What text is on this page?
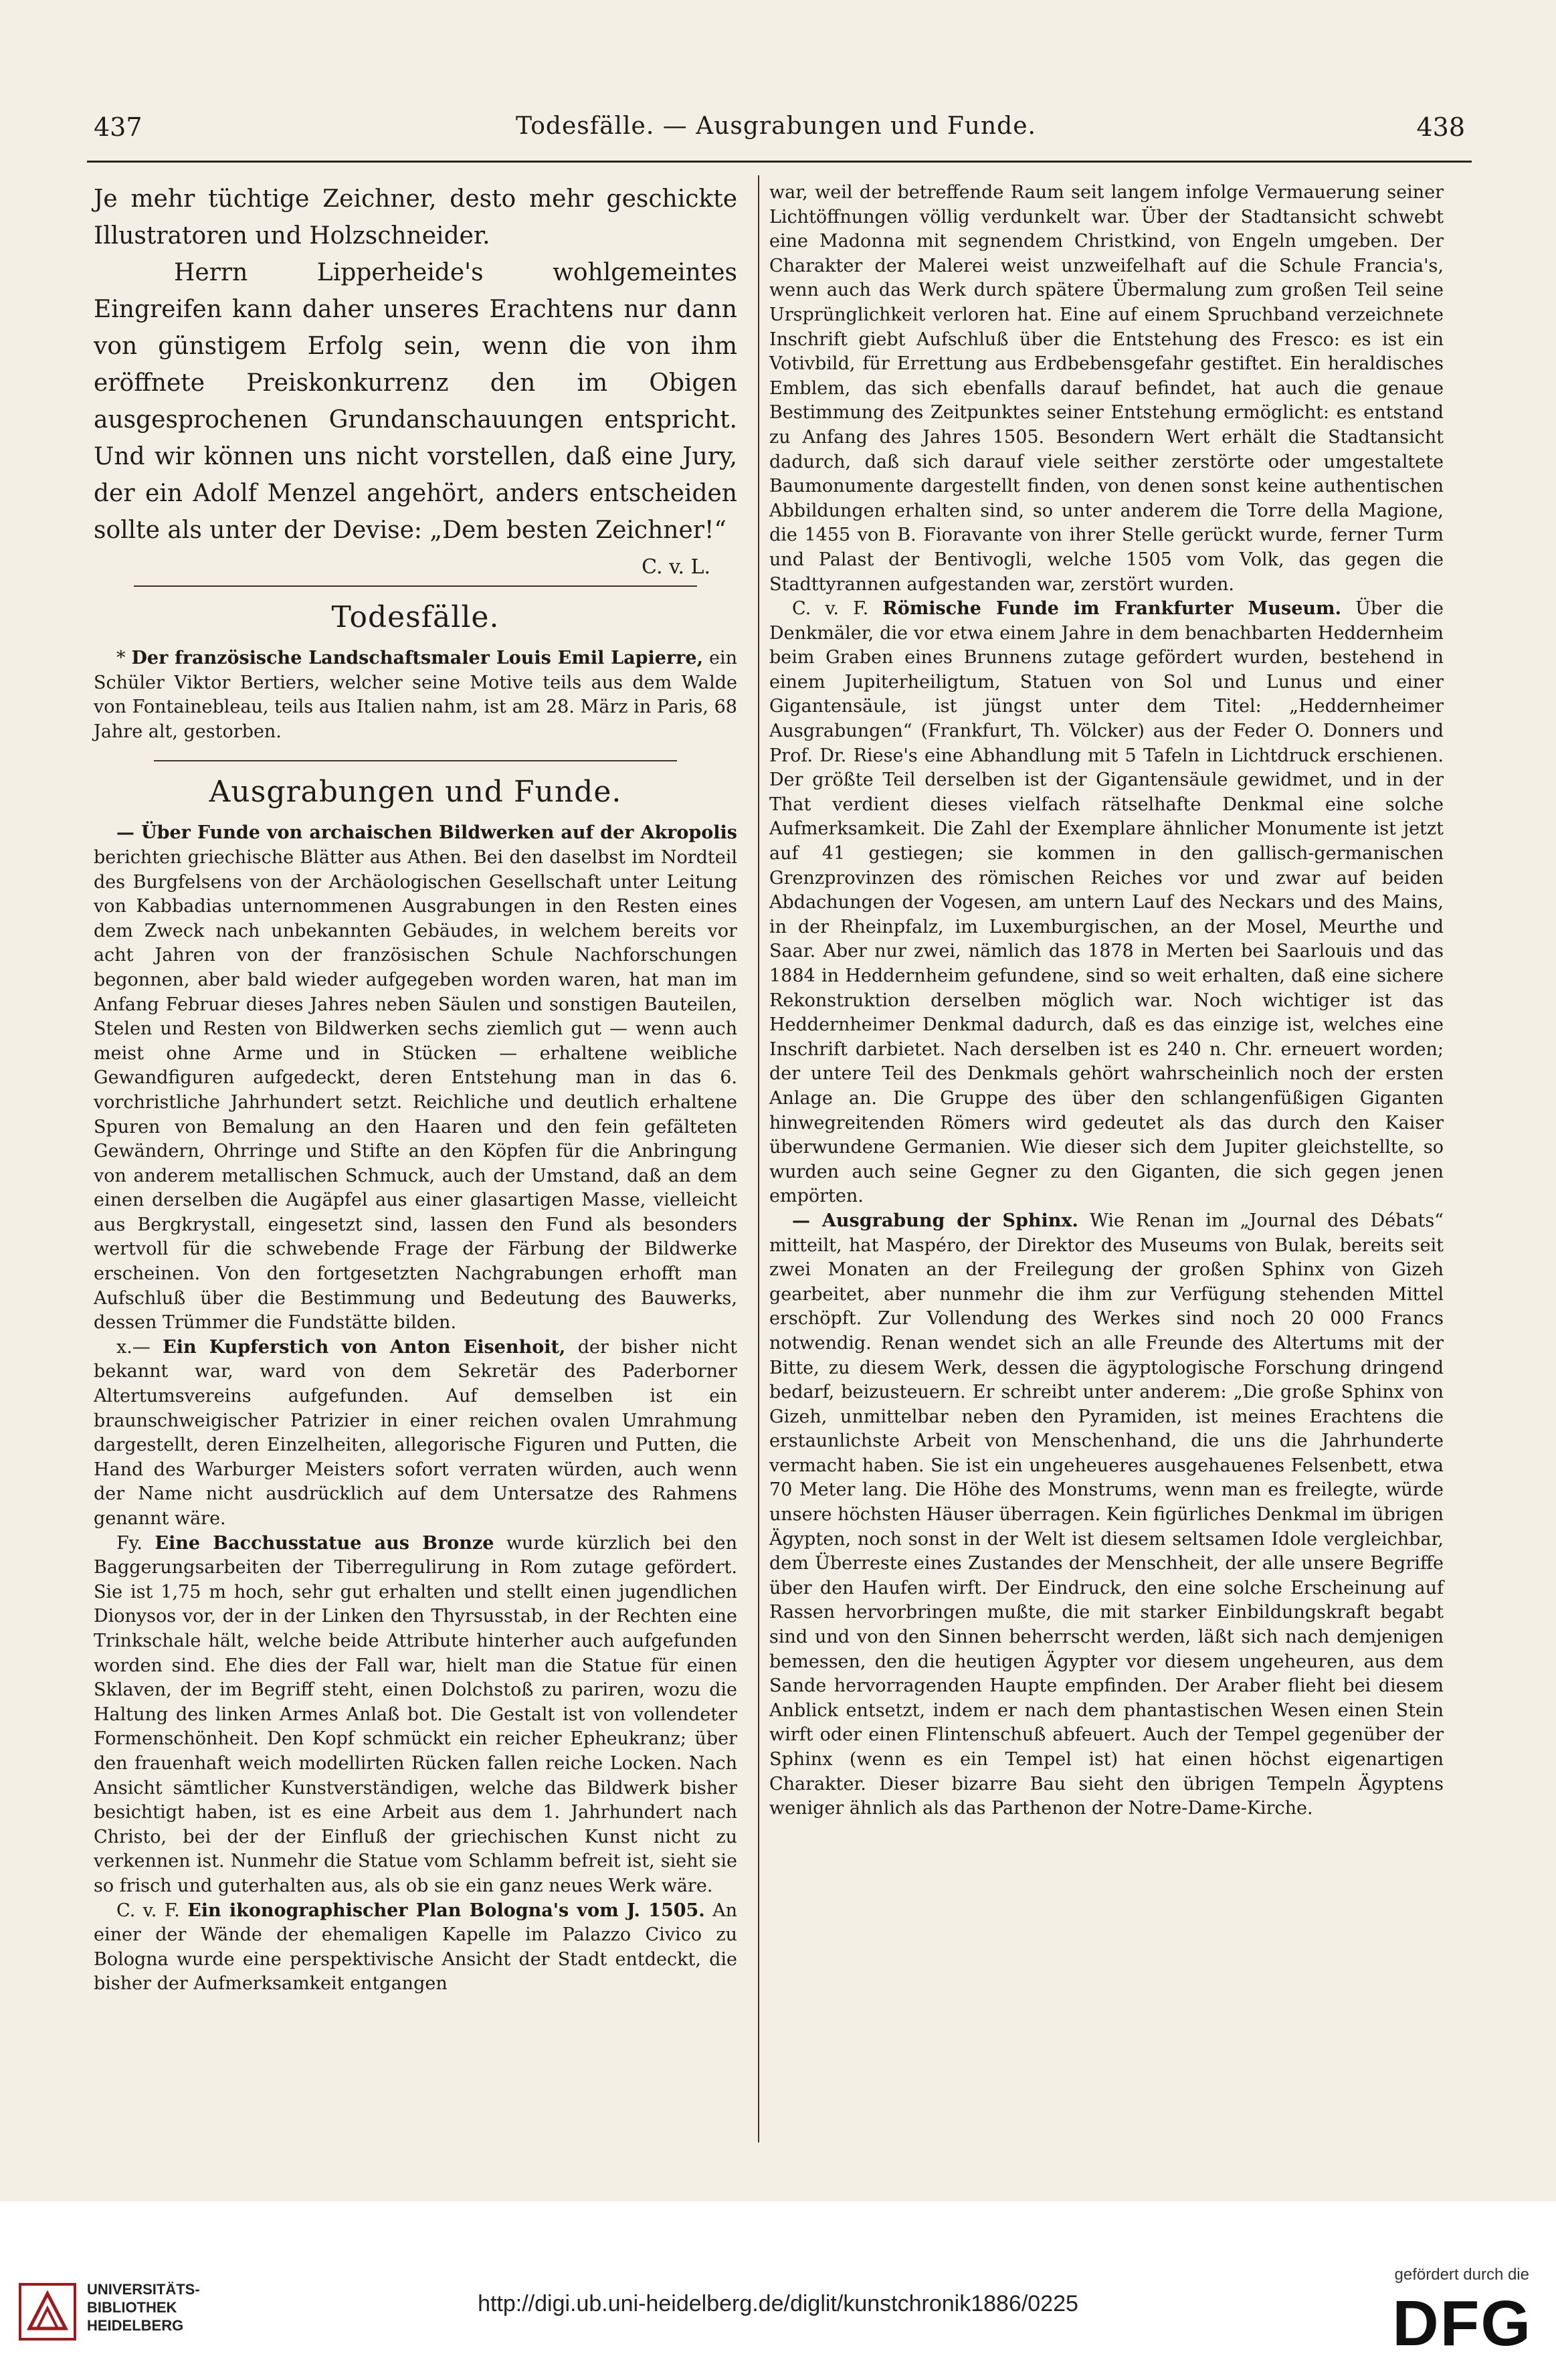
437	Todesfälle. — Ausgrabungen und Funde.	438

Je mehr tüchtige Zeichner, desto mehr geschickte Illustratoren und Holzschneider.

Herrn Lipperheide's wohlgemeintes Eingreifen kann daher unseres Erachtens nur dann von günstigem Erfolg sein, wenn die von ihm eröffnete Preiskonkurrenz den im Obigen ausgesprochenen Grundanschauungen entspricht. Und wir können uns nicht vorstellen, daß eine Jury, der ein Adolf Menzel angehört, anders entscheiden sollte als unter der Devise: „Dem besten Zeichner!“
C. v. L.

Todesfälle.

* Der französische Landschaftsmaler Louis Emil Lapierre, ein Schüler Viktor Bertiers, welcher seine Motive teils aus dem Walde von Fontainebleau, teils aus Italien nahm, ist am 28. März in Paris, 68 Jahre alt, gestorben.

Ausgrabungen und Funde.

— Über Funde von archaischen Bildwerken auf der Akropolis berichten griechische Blätter aus Athen. Bei den daselbst im Nordteil des Burgfelsens von der Archäologischen Gesellschaft unter Leitung von Kabbadias unternommenen Ausgrabungen in den Resten eines dem Zweck nach unbekannten Gebäudes, in welchem bereits vor acht Jahren von der französischen Schule Nachforschungen begonnen, aber bald wieder aufgegeben worden waren, hat man im Anfang Februar dieses Jahres neben Säulen und sonstigen Bauteilen, Stelen und Resten von Bildwerken sechs ziemlich gut — wenn auch meist ohne Arme und in Stücken — erhaltene weibliche Gewandfiguren aufgedeckt, deren Entstehung man in das 6. vorchristliche Jahrhundert setzt. Reichliche und deutlich erhaltene Spuren von Bemalung an den Haaren und den fein gefälteten Gewändern, Ohrringe und Stifte an den Köpfen für die Anbringung von anderem metallischen Schmuck, auch der Umstand, daß an dem einen derselben die Augäpfel aus einer glasartigen Masse, vielleicht aus Bergkrystall, eingesetzt sind, lassen den Fund als besonders wertvoll für die schwebende Frage der Färbung der Bildwerke erscheinen. Von den fortgesetzten Nachgrabungen erhofft man Aufschluß über die Bestimmung und Bedeutung des Bauwerks, dessen Trümmer die Fundstätte bilden.

x.— Ein Kupferstich von Anton Eisenhoit, der bisher nicht bekannt war, ward von dem Sekretär des Paderborner Altertumsvereins aufgefunden. Auf demselben ist ein braunschweigischer Patrizier in einer reichen ovalen Umrahmung dargestellt, deren Einzelheiten, allegorische Figuren und Putten, die Hand des Warburger Meisters sofort verraten würden, auch wenn der Name nicht ausdrücklich auf dem Untersatze des Rahmens genannt wäre.

Fy. Eine Bacchusstatue aus Bronze wurde kürzlich bei den Baggerungsarbeiten der Tiberregulirung in Rom zutage gefördert. Sie ist 1,75 m hoch, sehr gut erhalten und stellt einen jugendlichen Dionysos vor, der in der Linken den Thyrsusstab, in der Rechten eine Trinkschale hält, welche beide Attribute hinterher auch aufgefunden worden sind. Ehe dies der Fall war, hielt man die Statue für einen Sklaven, der im Begriff steht, einen Dolchstoß zu pariren, wozu die Haltung des linken Armes Anlaß bot. Die Gestalt ist von vollendeter Formenschönheit. Den Kopf schmückt ein reicher Epheukranz; über den frauenhaft weich modellirten Rücken fallen reiche Locken. Nach Ansicht sämtlicher Kunstverständigen, welche das Bildwerk bisher besichtigt haben, ist es eine Arbeit aus dem 1. Jahrhundert nach Christo, bei der der Einfluß der griechischen Kunst nicht zu verkennen ist. Nunmehr die Statue vom Schlamm befreit ist, sieht sie so frisch und guterhalten aus, als ob sie ein ganz neues Werk wäre.

C. v. F. Ein ikonographischer Plan Bologna's vom J. 1505. An einer der Wände der ehemaligen Kapelle im Palazzo Civico zu Bologna wurde eine perspektivische Ansicht der Stadt entdeckt, die bisher der Aufmerksamkeit entgangen

war, weil der betreffende Raum seit langem infolge Vermauerung seiner Lichtöffnungen völlig verdunkelt war. Über der Stadtansicht schwebt eine Madonna mit segnendem Christkind, von Engeln umgeben. Der Charakter der Malerei weist unzweifelhaft auf die Schule Francia's, wenn auch das Werk durch spätere Übermalung zum großen Teil seine Ursprünglichkeit verloren hat. Eine auf einem Spruchband verzeichnete Inschrift giebt Aufschluß über die Entstehung des Fresco: es ist ein Votivbild, für Errettung aus Erdbebensgefahr gestiftet. Ein heraldisches Emblem, das sich ebenfalls darauf befindet, hat auch die genaue Bestimmung des Zeitpunktes seiner Entstehung ermöglicht: es entstand zu Anfang des Jahres 1505. Besondern Wert erhält die Stadtansicht dadurch, daß sich darauf viele seither zerstörte oder umgestaltete Baumonumente dargestellt finden, von denen sonst keine authentischen Abbildungen erhalten sind, so unter anderem die Torre della Magione, die 1455 von B. Fioravante von ihrer Stelle gerückt wurde, ferner Turm und Palast der Bentivogli, welche 1505 vom Volk, das gegen die Stadttyrannen aufgestanden war, zerstört wurden.

C. v. F. Römische Funde im Frankfurter Museum. Über die Denkmäler, die vor etwa einem Jahre in dem benachbarten Heddernheim beim Graben eines Brunnens zutage gefördert wurden, bestehend in einem Jupiterheiligtum, Statuen von Sol und Lunus und einer Gigantensäule, ist jüngst unter dem Titel: „Heddernheimer Ausgrabungen“ (Frankfurt, Th. Völcker) aus der Feder O. Donners und Prof. Dr. Riese's eine Abhandlung mit 5 Tafeln in Lichtdruck erschienen. Der größte Teil derselben ist der Gigantensäule gewidmet, und in der That verdient dieses vielfach rätselhafte Denkmal eine solche Aufmerksamkeit. Die Zahl der Exemplare ähnlicher Monumente ist jetzt auf 41 gestiegen; sie kommen in den gallisch-germanischen Grenzprovinzen des römischen Reiches vor und zwar auf beiden Abdachungen der Vogesen, am untern Lauf des Neckars und des Mains, in der Rheinpfalz, im Luxemburgischen, an der Mosel, Meurthe und Saar. Aber nur zwei, nämlich das 1878 in Merten bei Saarlouis und das 1884 in Heddernheim gefundene, sind so weit erhalten, daß eine sichere Rekonstruktion derselben möglich war. Noch wichtiger ist das Heddernheimer Denkmal dadurch, daß es das einzige ist, welches eine Inschrift darbietet. Nach derselben ist es 240 n. Chr. erneuert worden; der untere Teil des Denkmals gehört wahrscheinlich noch der ersten Anlage an. Die Gruppe des über den schlangenfüßigen Giganten hinwegreitenden Römers wird gedeutet als das durch den Kaiser überwundene Germanien. Wie dieser sich dem Jupiter gleichstellte, so wurden auch seine Gegner zu den Giganten, die sich gegen jenen empörten.

— Ausgrabung der Sphinx. Wie Renan im „Journal des Débats“ mitteilt, hat Maspéro, der Direktor des Museums von Bulak, bereits seit zwei Monaten an der Freilegung der großen Sphinx von Gizeh gearbeitet, aber nunmehr die ihm zur Verfügung stehenden Mittel erschöpft. Zur Vollendung des Werkes sind noch 20 000 Francs notwendig. Renan wendet sich an alle Freunde des Altertums mit der Bitte, zu diesem Werk, dessen die ägyptologische Forschung dringend bedarf, beizusteuern. Er schreibt unter anderem: „Die große Sphinx von Gizeh, unmittelbar neben den Pyramiden, ist meines Erachtens die erstaunlichste Arbeit von Menschenhand, die uns die Jahrhunderte vermacht haben. Sie ist ein ungeheueres ausgehauenes Felsenbett, etwa 70 Meter lang. Die Höhe des Monstrums, wenn man es freilegte, würde unsere höchsten Häuser überragen. Kein figürliches Denkmal im übrigen Ägypten, noch sonst in der Welt ist diesem seltsamen Idole vergleichbar, dem Überreste eines Zustandes der Menschheit, der alle unsere Begriffe über den Haufen wirft. Der Eindruck, den eine solche Erscheinung auf Rassen hervorbringen mußte, die mit starker Einbildungskraft begabt sind und von den Sinnen beherrscht werden, läßt sich nach demjenigen bemessen, den die heutigen Ägypter vor diesem ungeheuren, aus dem Sande hervorragenden Haupte empfinden. Der Araber flieht bei diesem Anblick entsetzt, indem er nach dem phantastischen Wesen einen Stein wirft oder einen Flintenschuß abfeuert. Auch der Tempel gegenüber der Sphinx (wenn es ein Tempel ist) hat einen höchst eigenartigen Charakter. Dieser bizarre Bau sieht den übrigen Tempeln Ägyptens weniger ähnlich als das Parthenon der Notre-Dame-Kirche.

UNIVERSITÄTS-
BIBLIOTHEK
HEIDELBERG
http://digi.ub.uni-heidelberg.de/diglit/kunstchronik1886/0225
gefördert durch die
DFG
